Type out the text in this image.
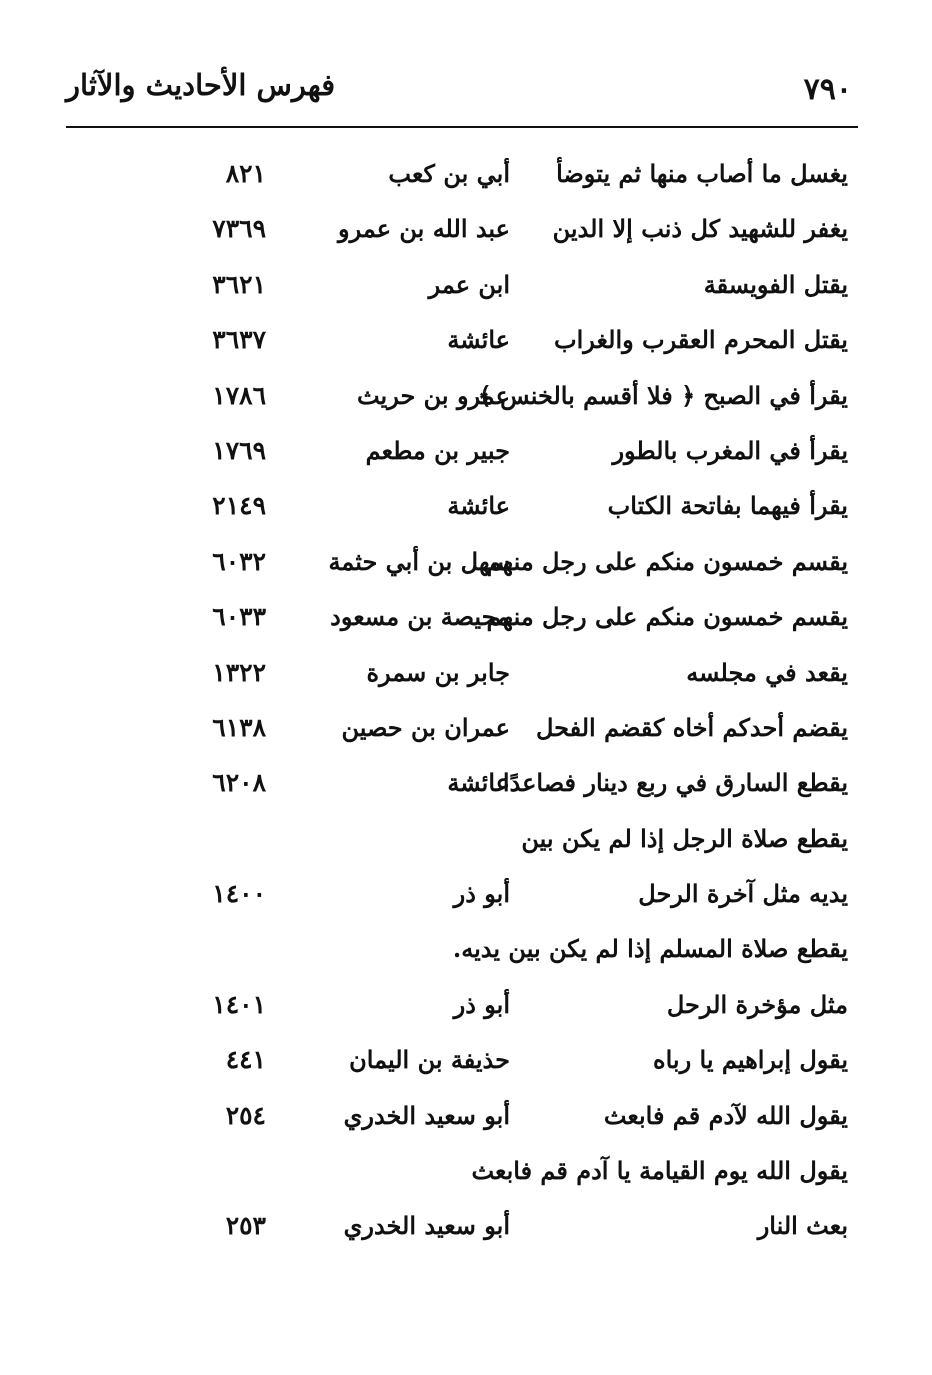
فهرس الأحاديث والآثار	٧٩٠
يغسل ما أصاب منها ثم يتوضأ
أبي بن كعب
٨٢١
يغفر للشهيد كل ذنب إلا الدين
عبد الله بن عمرو
٧٣٦٩
يقتل الفويسقة
ابن عمر
٣٦٢١
يقتل المحرم العقرب والغراب
عائشة
٣٦٣٧
يقرأ في الصبح ﴿ فلا أقسم بالخنس ﴾
عمرو بن حريث
١٧٨٦
يقرأ في المغرب بالطور
جبير بن مطعم
١٧٦٩
يقرأ فيهما بفاتحة الكتاب
عائشة
٢١٤٩
يقسم خمسون منكم على رجل منهم
سهل بن أبي حثمة
٦٠٣٢
يقسم خمسون منكم على رجل منهم
محيصة بن مسعود
٦٠٣٣
يقعد في مجلسه
جابر بن سمرة
١٣٢٢
يقضم أحدكم أخاه كقضم الفحل
عمران بن حصين
٦١٣٨
يقطع السارق في ربع دينار فصاعدًا
عائشة
٦٢٠٨
يقطع صلاة الرجل إذا لم يكن بين
يديه مثل آخرة الرحل
أبو ذر
١٤٠٠
يقطع صلاة المسلم إذا لم يكن بين يديه.
مثل مؤخرة الرحل
أبو ذر
١٤٠١
يقول إبراهيم يا رباه
حذيفة بن اليمان
٤٤١
يقول الله لآدم قم فابعث
أبو سعيد الخدري
٢٥٤
يقول الله يوم القيامة يا آدم قم فابعث
بعث النار
أبو سعيد الخدري
٢٥٣
